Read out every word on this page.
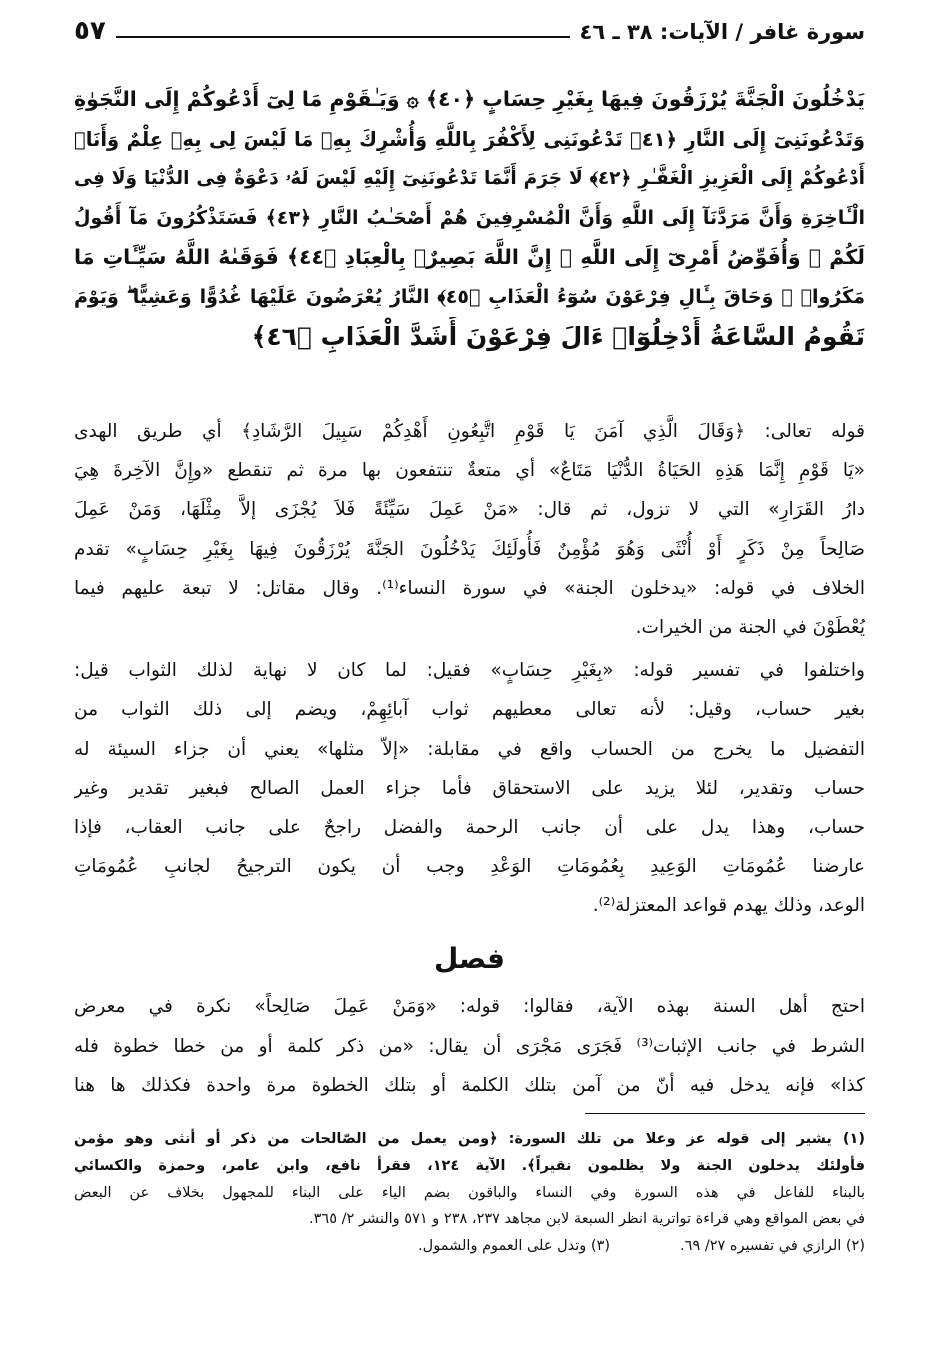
سورة غافر / الآيات: ٣٨ ـ ٤٦
٥٧
يَدْخُلُونَ الْجَنَّةَ يُرْزَقُونَ فِيهَا بِغَيْرِ حِسَابٍ ﴿٤٠﴾ ۞ وَيَـٰقَوْمِ مَا لِىٓ أَدْعُوكُمْ إِلَى النَّجَوٰةِ
وَتَدْعُونَنِىٓ إِلَى النَّارِ ﴿٤١﴾ تَدْعُونَنِى لِأَكْفُرَ بِاللَّهِ وَأُشْرِكَ بِهِۦ مَا لَيْسَ لِى بِهِۦ عِلْمٌ وَأَنَا۠
أَدْعُوكُمْ إِلَى الْعَزِيزِ الْغَفَّـٰرِ ﴿٤٢﴾ لَا جَرَمَ أَنَّمَا تَدْعُونَنِىٓ إِلَيْهِ لَيْسَ لَهُۥ دَعْوَةٌ فِى الدُّنْيَا وَلَا فِى
الْـَٔاخِرَةِ وَأَنَّ مَرَدَّنَآ إِلَى اللَّهِ وَأَنَّ الْمُسْرِفِينَ هُمْ أَصْحَـٰبُ النَّارِ ﴿٤٣﴾ فَسَتَذْكُرُونَ مَآ أَقُولُ
لَكُمْ ۚ وَأُفَوِّضُ أَمْرِىٓ إِلَى اللَّهِ ۚ إِنَّ اللَّهَ بَصِيرٌۢ بِالْعِبَادِ ﴿٤٤﴾ فَوَقَىٰهُ اللَّهُ سَيِّـَٔاتِ مَا
مَكَرُوا۟ ۖ وَحَاقَ بِـَٔالِ فِرْعَوْنَ سُوٓءُ الْعَذَابِ ﴿٤٥﴾ النَّارُ يُعْرَضُونَ عَلَيْهَا غُدُوًّا وَعَشِيًّا ۖ وَيَوْمَ
تَقُومُ السَّاعَةُ أَدْخِلُوٓا۟ ءَالَ فِرْعَوْنَ أَشَدَّ الْعَذَابِ ﴿٤٦﴾
قوله تعالى: ﴿وَقَالَ الَّذِي آمَنَ يَا قَوْمِ اتَّبِعُونِ أَهْدِكُمْ سَبِيلَ الرَّشَادِ﴾ أي طريق الهدى
«يَا قَوْمِ إِنَّمَا هَذِهِ الحَيَاةُ الدُّنْيَا مَتَاعٌ» أي متعةٌ تنتفعون بها مرة ثم تنقطع «وإِنَّ الآخِرةَ هِيَ
دارُ القَرَارِ» التي لا تزول، ثم قال: «مَنْ عَمِلَ سَيِّئَةً فَلاَ يُجْزَى إلاَّ مِثْلَهَا، وَمَنْ عَمِلَ
صَالِحاً مِنْ ذَكَرٍ أَوْ أُنْثَى وَهُوَ مُؤْمِنٌ فَأُولَئِكَ يَدْخُلُونَ الجَنَّةَ يُرْزَقُونَ فِيهَا بِغَيْرِ حِسَابٍ» تقدم
الخلاف في قوله: «يدخلون الجنة» في سورة النساء⁽¹⁾. وقال مقاتل: لا تبعة عليهم فيما
يُعْطَوْنَ في الجنة من الخيرات.
واختلفوا في تفسير قوله: «بِغَيْرِ حِسَابٍ» فقيل: لما كان لا نهاية لذلك الثواب قيل:
بغير حساب، وقيل: لأنه تعالى معطيهم ثواب آبائِهِمْ، ويضم إلى ذلك الثواب من
التفضيل ما يخرج من الحساب واقع في مقابلة: «إلاّ مثلها» يعني أن جزاء السيئة له
حساب وتقدير، لئلا يزيد على الاستحقاق فأما جزاء العمل الصالح فبغير تقدير وغير
حساب، وهذا يدل على أن جانب الرحمة والفضل راجحٌ على جانب العقاب، فإذا
عارضنا عُمُومَاتِ الوَعِيدِ بِعُمُومَاتِ الوَعْدِ وجب أن يكون الترجيحُ لجانبِ عُمُومَاتِ
الوعد، وذلك يهدم قواعد المعتزلة⁽²⁾.
فصل
احتج أهل السنة بهذه الآية، فقالوا: قوله: «وَمَنْ عَمِلَ صَالِحاً» نكرة في معرض
الشرط في جانب الإثبات⁽³⁾ فَجَرَى مَجْرَى أن يقال: «من ذكر كلمة أو من خطا خطوة فله
كذا» فإنه يدخل فيه أنّ من آمن بتلك الكلمة أو بتلك الخطوة مرة واحدة فكذلك ها هنا
(١) يشير إلى قوله عز وعلا من تلك السورة: ﴿ومن يعمل من الصّالحات من ذكر أو أنثى وهو مؤمن
فأولئك يدخلون الجنة ولا يظلمون نقيراً﴾. الآية ١٢٤، فقرأ نافع، وابن عامر، وحمزة والكسائي
بالبناء للفاعل في هذه السورة وفي النساء والباقون بضم الياء على البناء للمجهول بخلاف عن البعض
في بعض المواقع وهي قراءة تواترية انظر السبعة لابن مجاهد ٢٣٧، ٢٣٨ و ٥٧١ والنشر ٢/ ٣٦٥.
(٢) الرازي في تفسيره ٢٧/ ٦٩.
(٣) وتدل على العموم والشمول.
